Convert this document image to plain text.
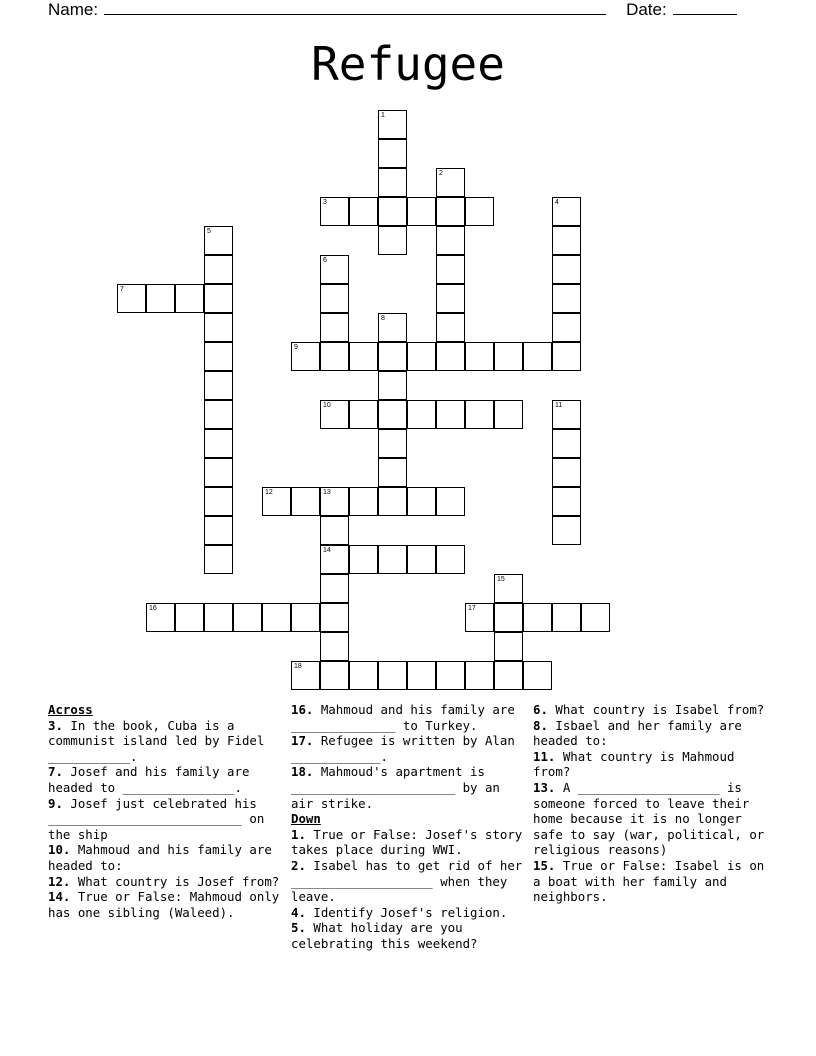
Name:	Date:
Refugee
1
2
3	4
5
6
7
8
9
10	11
12	13
14
15
16	17
18
Across
3. In the book, Cuba is a communist island led by Fidel ___________.
7. Josef and his family are headed to _______________.
9. Josef just celebrated his __________________________ on the ship
10. Mahmoud and his family are headed to:
12. What country is Josef from?
14. True or False: Mahmoud only has one sibling (Waleed).
16. Mahmoud and his family are ______________ to Turkey.
17. Refugee is written by Alan ____________.
18. Mahmoud's apartment is ______________________ by an air strike.
Down
1. True or False: Josef's story takes place during WWI.
2. Isabel has to get rid of her ___________________ when they leave.
4. Identify Josef's religion.
5. What holiday are you celebrating this weekend?
6. What country is Isabel from?
8. Isbael and her family are headed to:
11. What country is Mahmoud from?
13. A ___________________ is someone forced to leave their home because it is no longer safe to say (war, political, or religious reasons)
15. True or False: Isabel is on a boat with her family and neighbors.
